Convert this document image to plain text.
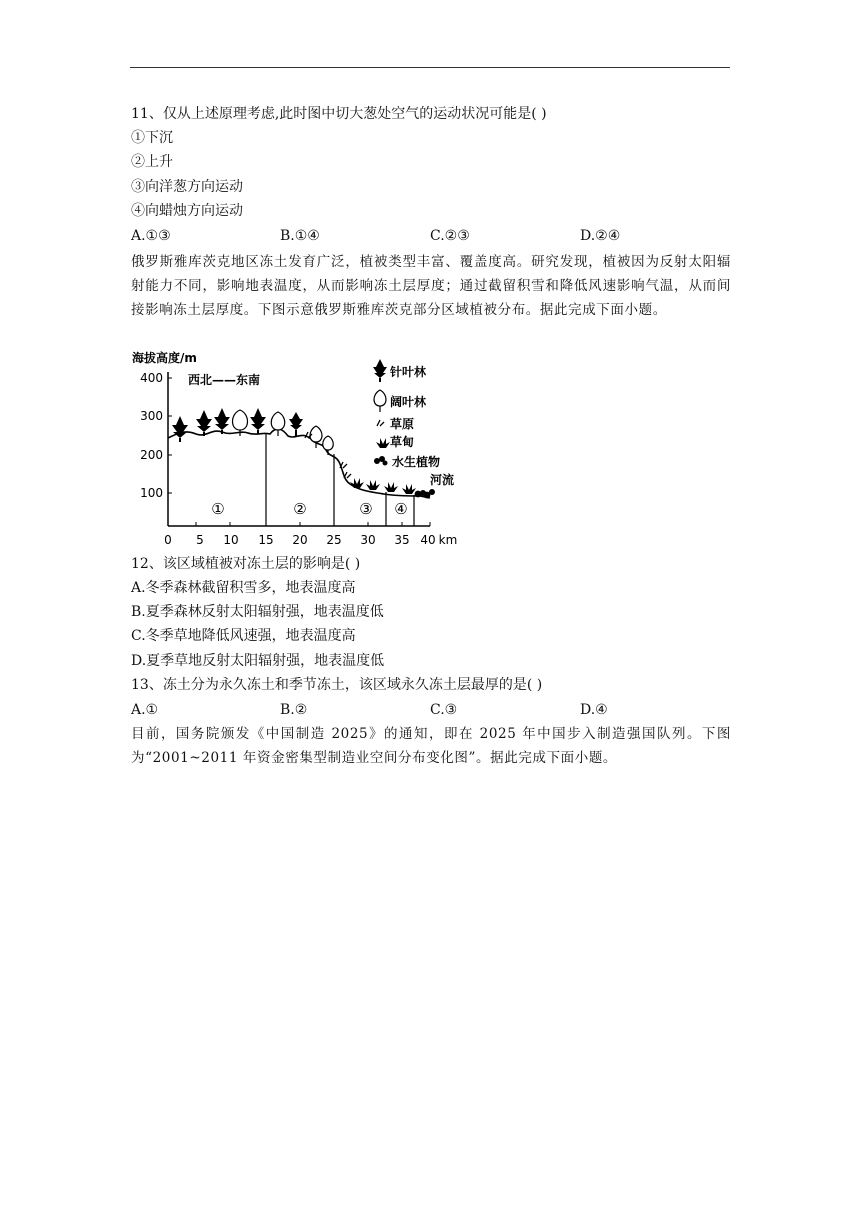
11、仅从上述原理考虑,此时图中切大葱处空气的运动状况可能是( )
①下沉
②上升
③向洋葱方向运动
④向蜡烛方向运动
A.①③	B.①④	C.②③	D.②④
俄罗斯雅库茨克地区冻土发育广泛，植被类型丰富、覆盖度高。研究发现，植被因为反射太阳辐射能力不同，影响地表温度，从而影响冻土层厚度；通过截留积雪和降低风速影响气温，从而间接影响冻土层厚度。下图示意俄罗斯雅库茨克部分区域植被分布。据此完成下面小题。
海拔高度/m
西北——东南
400
300
200
100
0 5 10 15 20 25 30 35 40 km
①	②	③ ④
河流
针叶林
阔叶林
草原
草甸
水生植物
12、该区域植被对冻土层的影响是( )
A.冬季森林截留积雪多，地表温度高
B.夏季森林反射太阳辐射强，地表温度低
C.冬季草地降低风速强，地表温度高
D.夏季草地反射太阳辐射强，地表温度低
13、冻土分为永久冻土和季节冻土，该区域永久冻土层最厚的是( )
A.①	B.②	C.③	D.④
目前，国务院颁发《中国制造 2025》的通知，即在 2025 年中国步入制造强国队列。下图为“2001~2011 年资金密集型制造业空间分布变化图”。据此完成下面小题。
